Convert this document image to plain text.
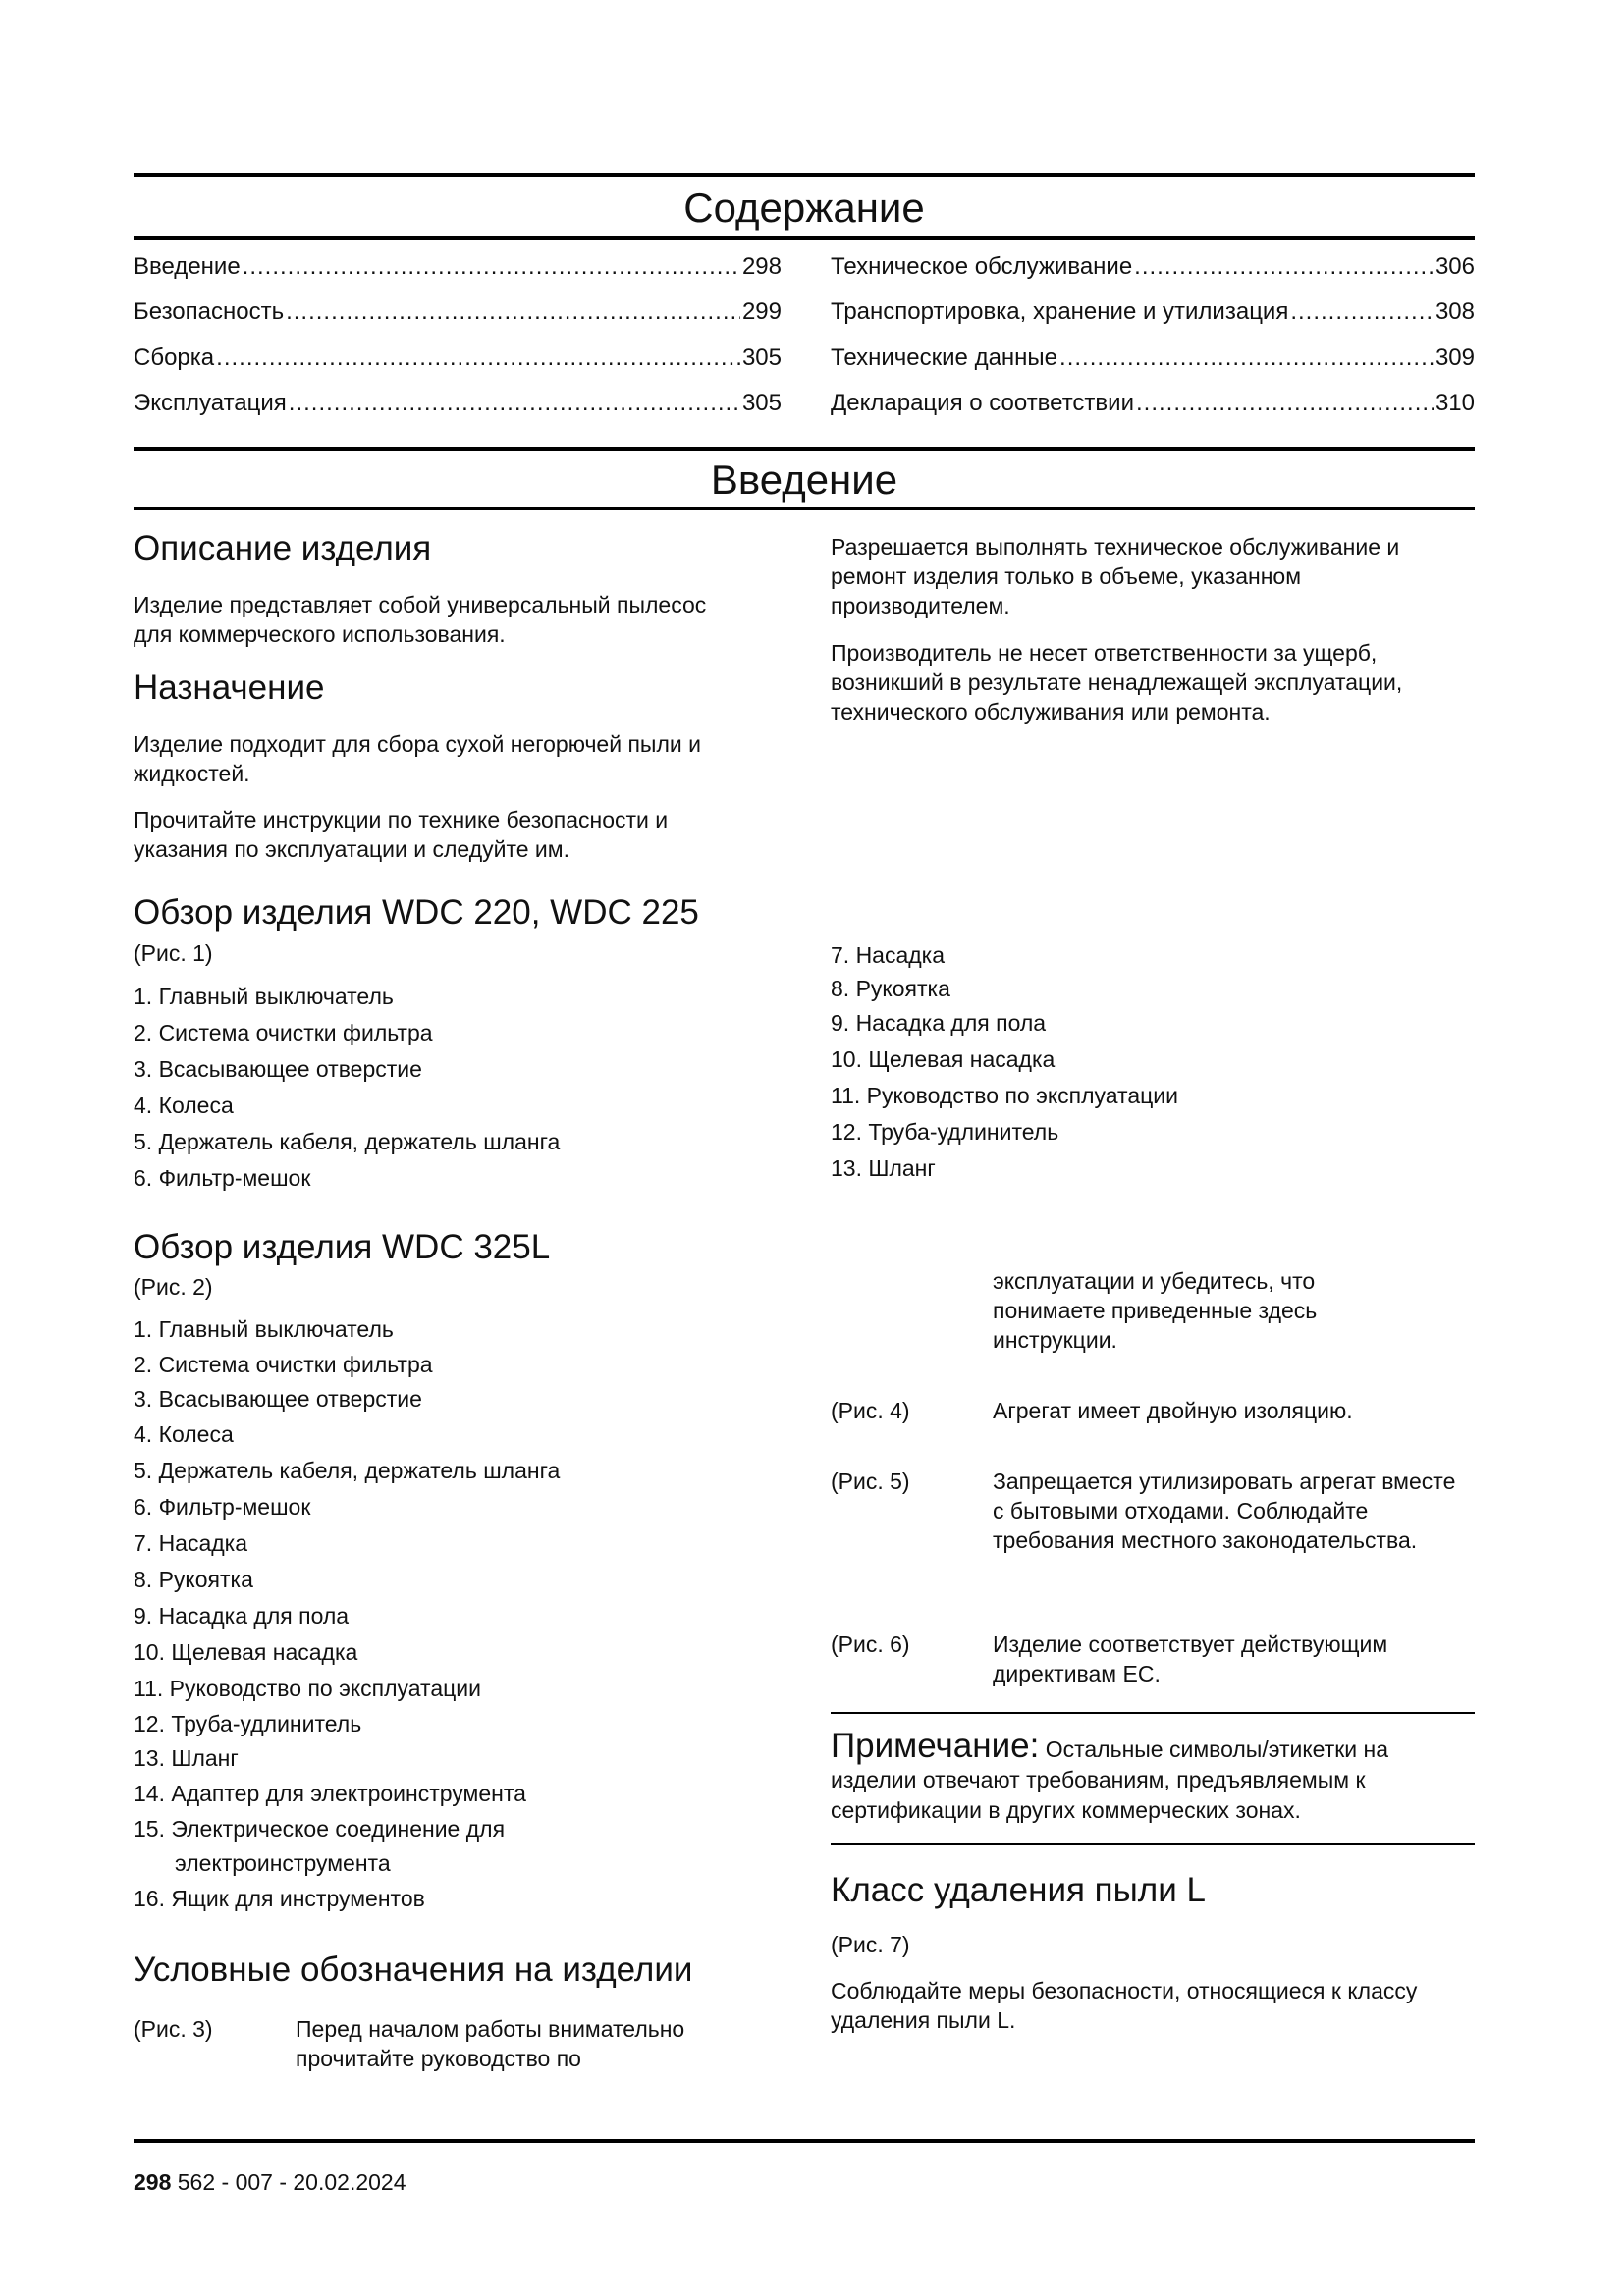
Содержание
Введение .....	298
Безопасность .....	299
Сборка .....	305
Эксплуатация .....	305
Техническое обслуживание .....	306
Транспортировка, хранение и утилизация .....	308
Технические данные .....	309
Декларация о соответствии .....	310
Введение
Описание изделия
Изделие представляет собой универсальный пылесос для коммерческого использования.
Назначение
Изделие подходит для сбора сухой негорючей пыли и жидкостей.
Прочитайте инструкции по технике безопасности и указания по эксплуатации и следуйте им.
Разрешается выполнять техническое обслуживание и ремонт изделия только в объеме, указанном производителем.
Производитель не несет ответственности за ущерб, возникший в результате ненадлежащей эксплуатации, технического обслуживания или ремонта.
Обзор изделия WDC 220, WDC 225
(Рис. 1)
1. Главный выключатель
2. Система очистки фильтра
3. Всасывающее отверстие
4. Колеса
5. Держатель кабеля, держатель шланга
6. Фильтр-мешок
7. Насадка
8. Рукоятка
9. Насадка для пола
10. Щелевая насадка
11. Руководство по эксплуатации
12. Труба-удлинитель
13. Шланг
Обзор изделия WDC 325L
(Рис. 2)
1. Главный выключатель
2. Система очистки фильтра
3. Всасывающее отверстие
4. Колеса
5. Держатель кабеля, держатель шланга
6. Фильтр-мешок
7. Насадка
8. Рукоятка
9. Насадка для пола
10. Щелевая насадка
11. Руководство по эксплуатации
12. Труба-удлинитель
13. Шланг
14. Адаптер для электроинструмента
15. Электрическое соединение для
электроинструмента
16. Ящик для инструментов
Условные обозначения на изделии
(Рис. 3)	Перед началом работы внимательно прочитайте руководство по
эксплуатации и убедитесь, что понимаете приведенные здесь инструкции.
(Рис. 4)	Агрегат имеет двойную изоляцию.
(Рис. 5)	Запрещается утилизировать агрегат вместе с бытовыми отходами. Соблюдайте требования местного законодательства.
(Рис. 6)	Изделие соответствует действующим директивам ЕС.
Примечание: Остальные символы/этикетки на изделии отвечают требованиям, предъявляемым к сертификации в других коммерческих зонах.
Класс удаления пыли L
(Рис. 7)
Соблюдайте меры безопасности, относящиеся к классу удаления пыли L.
298 562 - 007 - 20.02.2024
